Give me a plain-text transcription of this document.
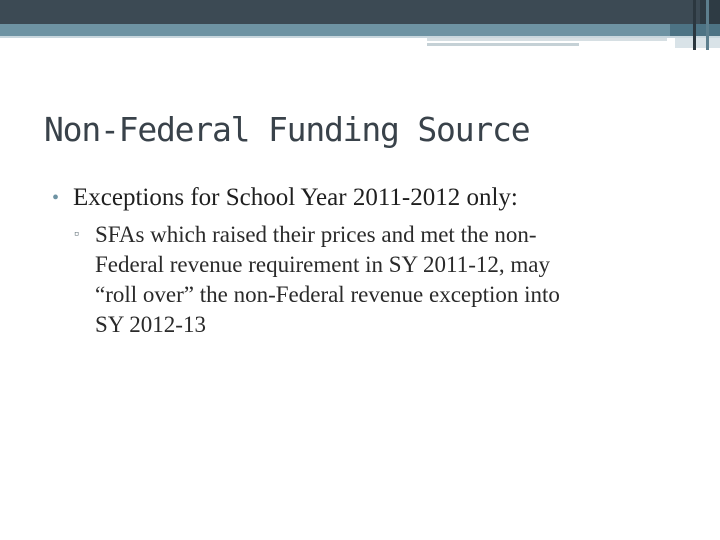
Non-Federal Funding Source
• Exceptions for School Year 2011-2012 only:
▫ SFAs which raised their prices and met the non-
Federal revenue requirement in SY 2011-12, may
“roll over” the non-Federal revenue exception into
SY 2012-13
